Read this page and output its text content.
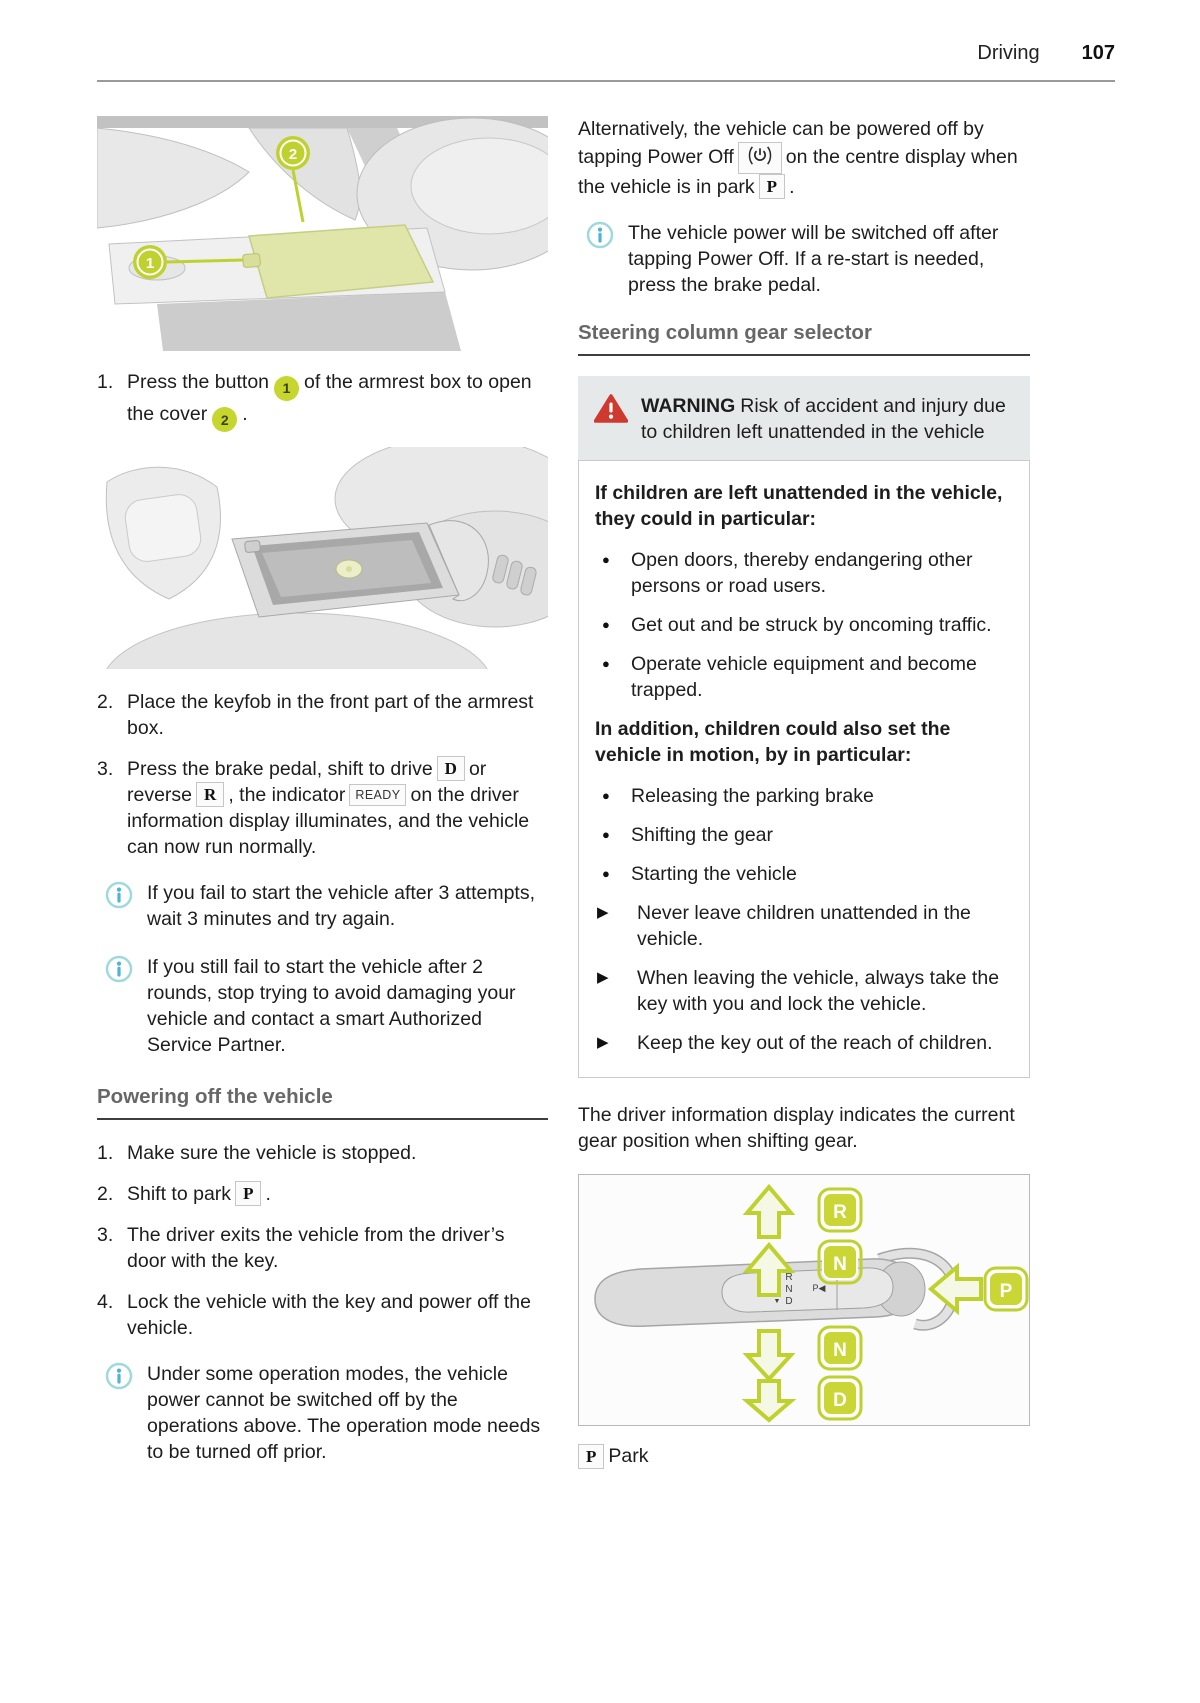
Driving 107
1
2
1. Press the button 1 of the armrest box to open the cover 2 .
2. Place the keyfob in the front part of the armrest box.
3. Press the brake pedal, shift to drive D or reverse R , the indicator READY on the driver information display illuminates, and the vehicle can now run normally.
If you fail to start the vehicle after 3 attempts, wait 3 minutes and try again.
If you still fail to start the vehicle after 2 rounds, stop trying to avoid damaging your vehicle and contact a smart Authorized Service Partner.
Powering off the vehicle
1. Make sure the vehicle is stopped.
2. Shift to park P .
3. The driver exits the vehicle from the driver’s door with the key.
4. Lock the vehicle with the key and power off the vehicle.
Under some operation modes, the vehicle power cannot be switched off by the operations above. The operation mode needs to be turned off prior.
Alternatively, the vehicle can be powered off by tapping Power Off	on the centre display when the vehicle is in park P .
The vehicle power will be switched off after tapping Power Off. If a re-start is needed, press the brake pedal.
Steering column gear selector
WARNING Risk of accident and injury due to children left unattended in the vehicle
If children are left unattended in the vehicle, they could in particular:
●	Open doors, thereby endangering other persons or road users.
●	Get out and be struck by oncoming traffic.
●	Operate vehicle equipment and become trapped.
In addition, children could also set the vehicle in motion, by in particular:
●	Releasing the parking brake
●	Shifting the gear
●	Starting the vehicle
▶	Never leave children unattended in the vehicle.
▶	When leaving the vehicle, always take the key with you and lock the vehicle.
▶	Keep the key out of the reach of children.
The driver information display indicates the current gear position when shifting gear.
R
N P◀
▼ D
R
N
P
N
D
P Park
